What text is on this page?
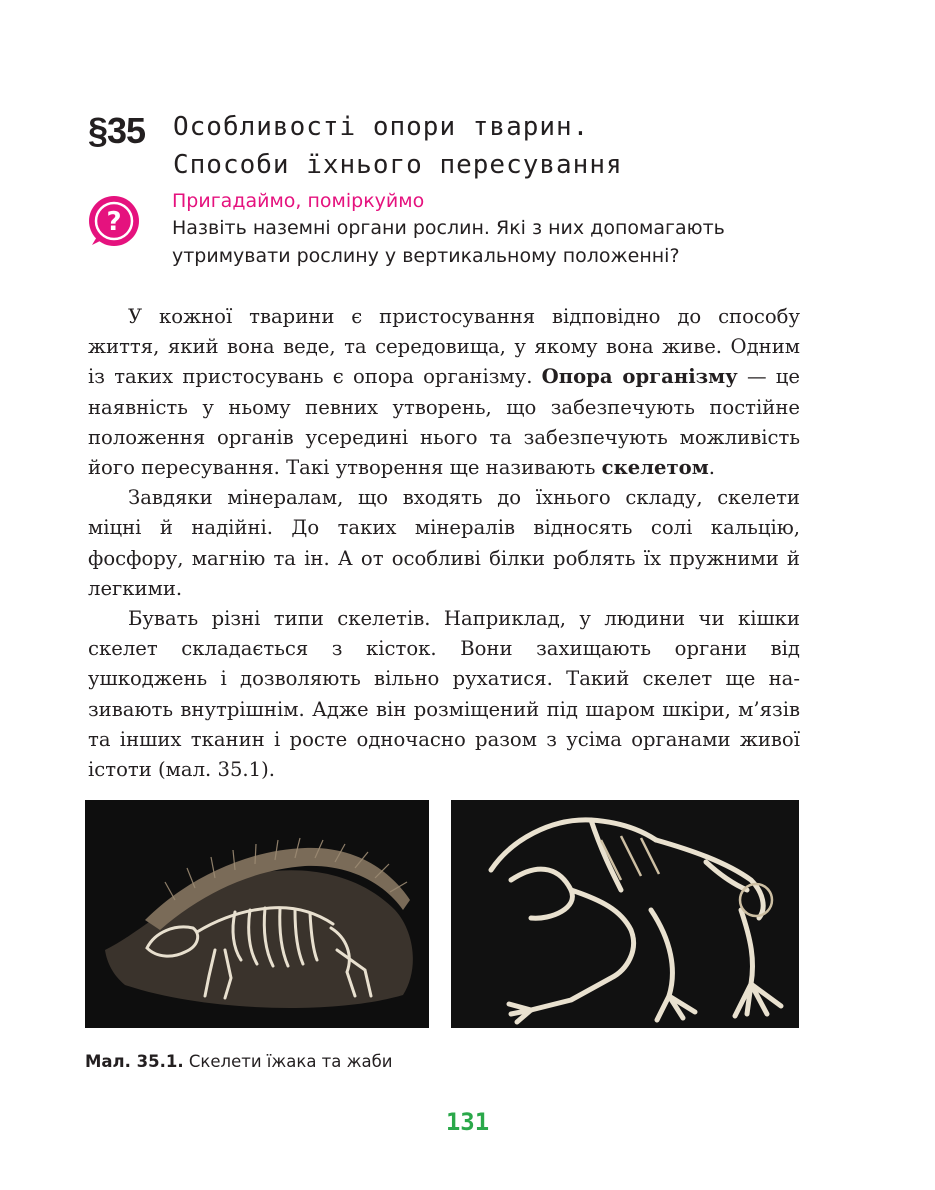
§35 Особливості опори тварин.
Способи їхнього пересування
?
Пригадаймо, поміркуймо
Назвіть наземні органи рослин. Які з них допомагають утримувати рослину у вертикальному положенні?

У кожної тварини є пристосування відповідно до способу життя, який вона веде, та середовища, у якому вона живе. Одним із таких пристосувань є опора організму. Опора організму — це наявність у ньому певних утворень, що забезпечують постійне положення органів усередині нього та забезпечують можливість його пересування. Такі утворення ще називають скелетом.

Завдяки мінералам, що входять до їхнього складу, скелети міцні й надійні. До таких мінералів відносять солі кальцію, фосфору, магнію та ін. А от особливі білки роблять їх пружними й легкими.

Бувать різні типи скелетів. Наприклад, у людини чи кішки скелет складається з кісток. Вони захищають органи від ушкоджень і дозволяють вільно рухатися. Такий скелет ще називають внутрішнім. Адже він розміщений під шаром шкіри, м’язів та інших тканин і росте одночасно разом з усіма органами живої істоти (мал. 35.1).

Мал. 35.1. Скелети їжака та жаби
131
